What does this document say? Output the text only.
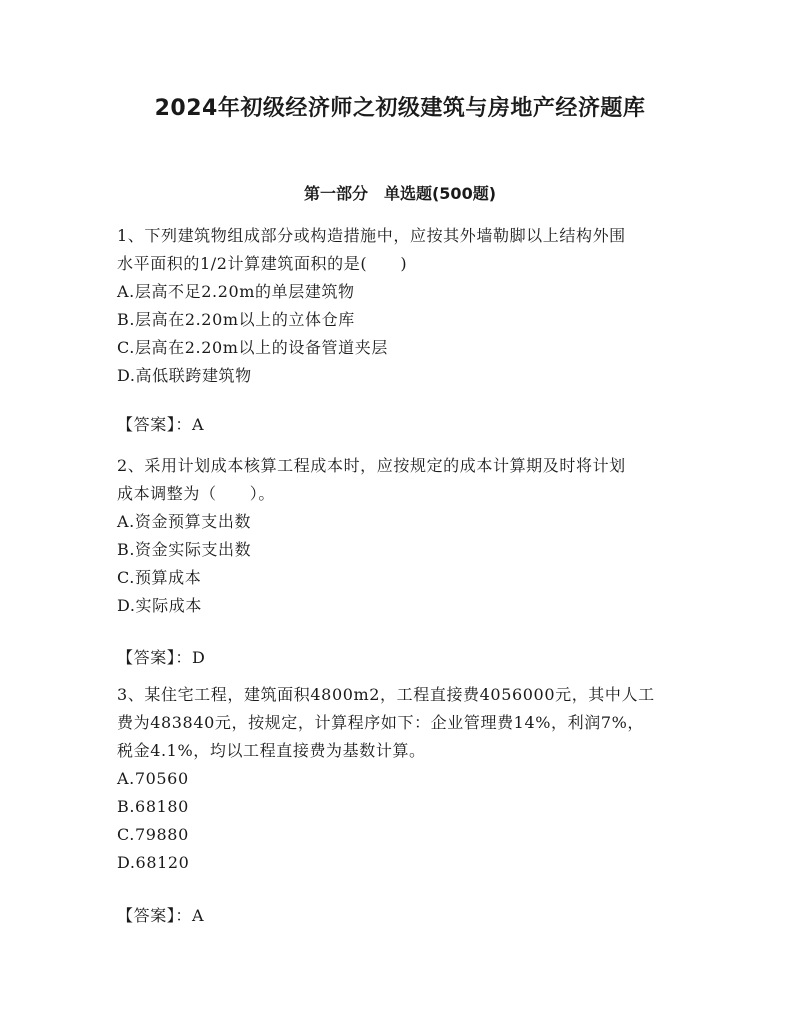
2024年初级经济师之初级建筑与房地产经济题库
第一部分　单选题(500题)

1、下列建筑物组成部分或构造措施中，应按其外墙勒脚以上结构外围

水平面积的1/2计算建筑面积的是(　　)

A.层高不足2.20m的单层建筑物

B.层高在2.20m以上的立体仓库

C.层高在2.20m以上的设备管道夹层

D.高低联跨建筑物

【答案】：A

2、采用计划成本核算工程成本时，应按规定的成本计算期及时将计划

成本调整为（　　）。

A.资金预算支出数

B.资金实际支出数

C.预算成本

D.实际成本

【答案】：D

3、某住宅工程，建筑面积4800m2，工程直接费4056000元，其中人工

费为483840元，按规定，计算程序如下：企业管理费14%，利润7%，

税金4.1%，均以工程直接费为基数计算。

A.70560

B.68180

C.79880

D.68120

【答案】：A
